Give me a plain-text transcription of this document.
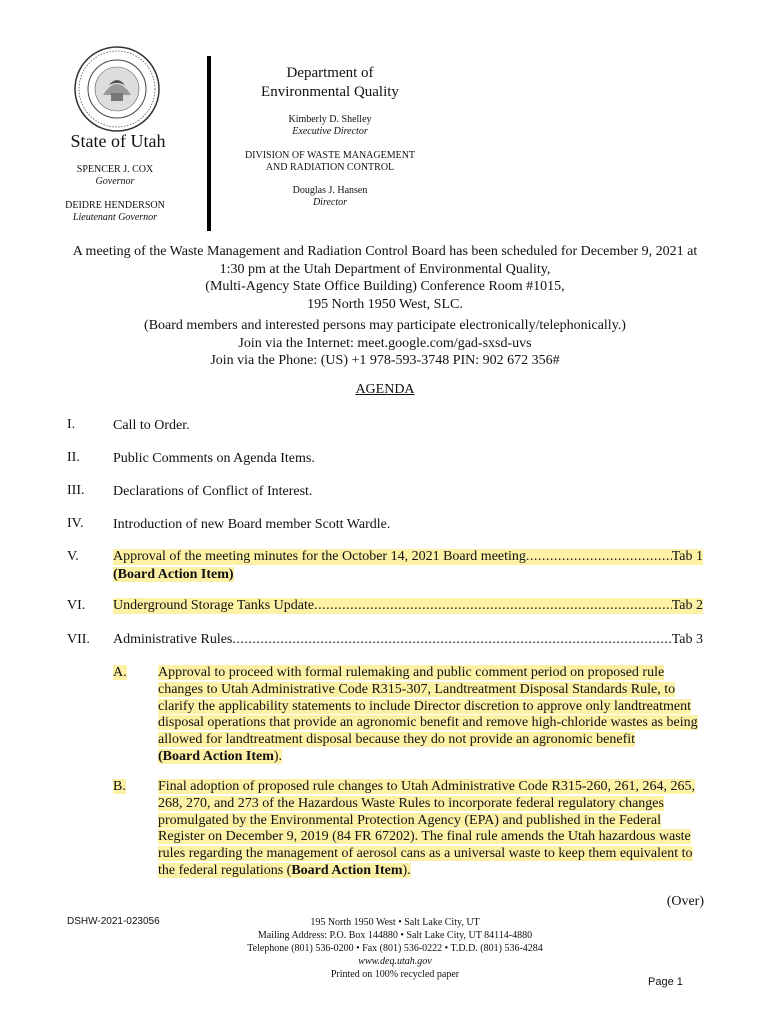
State of Utah
SPENCER J. COX
Governor
DEIDRE HENDERSON
Lieutenant Governor
Department of
Environmental Quality
Kimberly D. Shelley
Executive Director
DIVISION OF WASTE MANAGEMENT
AND RADIATION CONTROL
Douglas J. Hansen
Director
A meeting of the Waste Management and Radiation Control Board has been scheduled for December 9, 2021 at
1:30 pm at the Utah Department of Environmental Quality,
(Multi-Agency State Office Building) Conference Room #1015,
195 North 1950 West, SLC.
(Board members and interested persons may participate electronically/telephonically.)
Join via the Internet: meet.google.com/gad-sxsd-uvs
Join via the Phone: (US) +1 978-593-3748 PIN: 902 672 356#
AGENDA
I.	Call to Order.
II. Public Comments on Agenda Items.
III. Declarations of Conflict of Interest.
IV. Introduction of new Board member Scott Wardle.
V. Approval of the meeting minutes for the October 14, 2021 Board meeting .....	Tab 1
(Board Action Item)
VI. Underground Storage Tanks Update .....	Tab 2
VII. Administrative Rules .....	Tab 3
A. Approval to proceed with formal rulemaking and public comment period on proposed rule
changes to Utah Administrative Code R315-307, Landtreatment Disposal Standards Rule, to
clarify the applicability statements to include Director discretion to approve only landtreatment
disposal operations that provide an agronomic benefit and remove high-chloride wastes as being
allowed for landtreatment disposal because they do not provide an agronomic benefit
(Board Action Item).
B. Final adoption of proposed rule changes to Utah Administrative Code R315-260, 261, 264, 265,
268, 270, and 273 of the Hazardous Waste Rules to incorporate federal regulatory changes
promulgated by the Environmental Protection Agency (EPA) and published in the Federal
Register on December 9, 2019 (84 FR 67202). The final rule amends the Utah hazardous waste
rules regarding the management of aerosol cans as a universal waste to keep them equivalent to
the federal regulations (Board Action Item).
(Over)
DSHW-2021-023056	195 North 1950 West • Salt Lake City, UT
Mailing Address: P.O. Box 144880 • Salt Lake City, UT 84114-4880
Telephone (801) 536-0200 • Fax (801) 536-0222 • T.D.D. (801) 536-4284
www.deq.utah.gov
Printed on 100% recycled paper
Page 1
